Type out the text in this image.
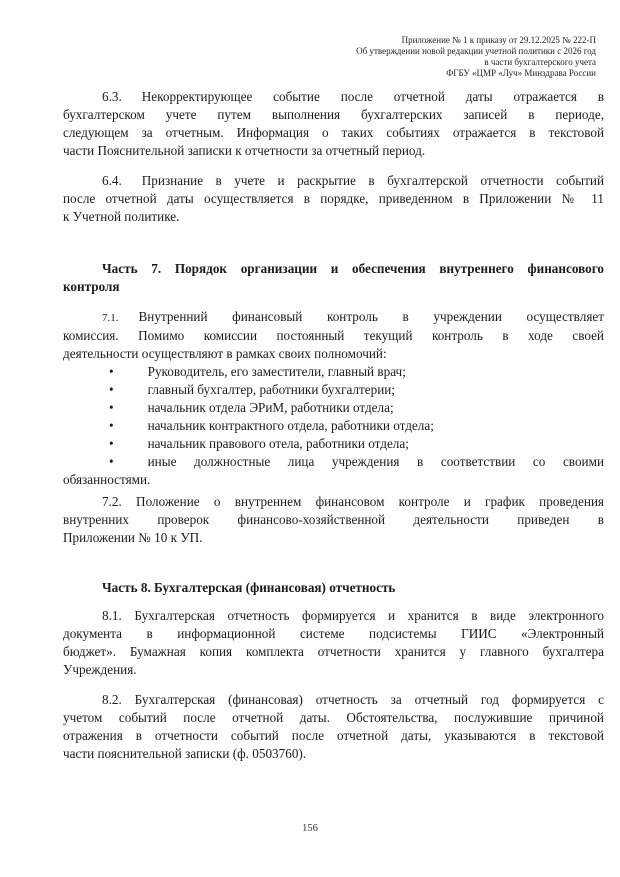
Приложение № 1 к приказу от 29.12.2025 № 222-П
Об утверждении новой редакции учетной политики с 2026 год
в части бухгалтерского учета
ФГБУ «ЦМР «Луч» Минздрава России
6.3. Некорректирующее событие после отчетной даты отражается в
бухгалтерском учете путем выполнения бухгалтерских записей в периоде,
следующем за отчетным. Информация о таких событиях отражается в текстовой
части Пояснительной записки к отчетности за отчетный период.
6.4. Признание в учете и раскрытие в бухгалтерской отчетности событий
после отчетной даты осуществляется в порядке, приведенном в Приложении № 11
к Учетной политике.
Часть 7. Порядок организации и обеспечения внутреннего финансового
контроля
7.1. Внутренний финансовый контроль в учреждении осуществляет
комиссия. Помимо комиссии постоянный текущий контроль в ходе своей
деятельности осуществляют в рамках своих полномочий:
•	Руководитель, его заместители, главный врач;
•	главный бухгалтер, работники бухгалтерии;
•	начальник отдела ЭРиМ, работники отдела;
•	начальник контрактного отдела, работники отдела;
•	начальник правового отела, работники отдела;
•	иные должностные лица учреждения в соответствии со своими
обязанностями.
7.2. Положение о внутреннем финансовом контроле и график проведения
внутренних проверок финансово-хозяйственной деятельности приведен в
Приложении № 10 к УП.
Часть 8. Бухгалтерская (финансовая) отчетность
8.1. Бухгалтерская отчетность формируется и хранится в виде электронного
документа в информационной системе подсистемы ГИИС «Электронный
бюджет». Бумажная копия комплекта отчетности хранится у главного бухгалтера
Учреждения.
8.2. Бухгалтерская (финансовая) отчетность за отчетный год формируется с
учетом событий после отчетной даты. Обстоятельства, послужившие причиной
отражения в отчетности событий после отчетной даты, указываются в текстовой
части пояснительной записки (ф. 0503760).
156
